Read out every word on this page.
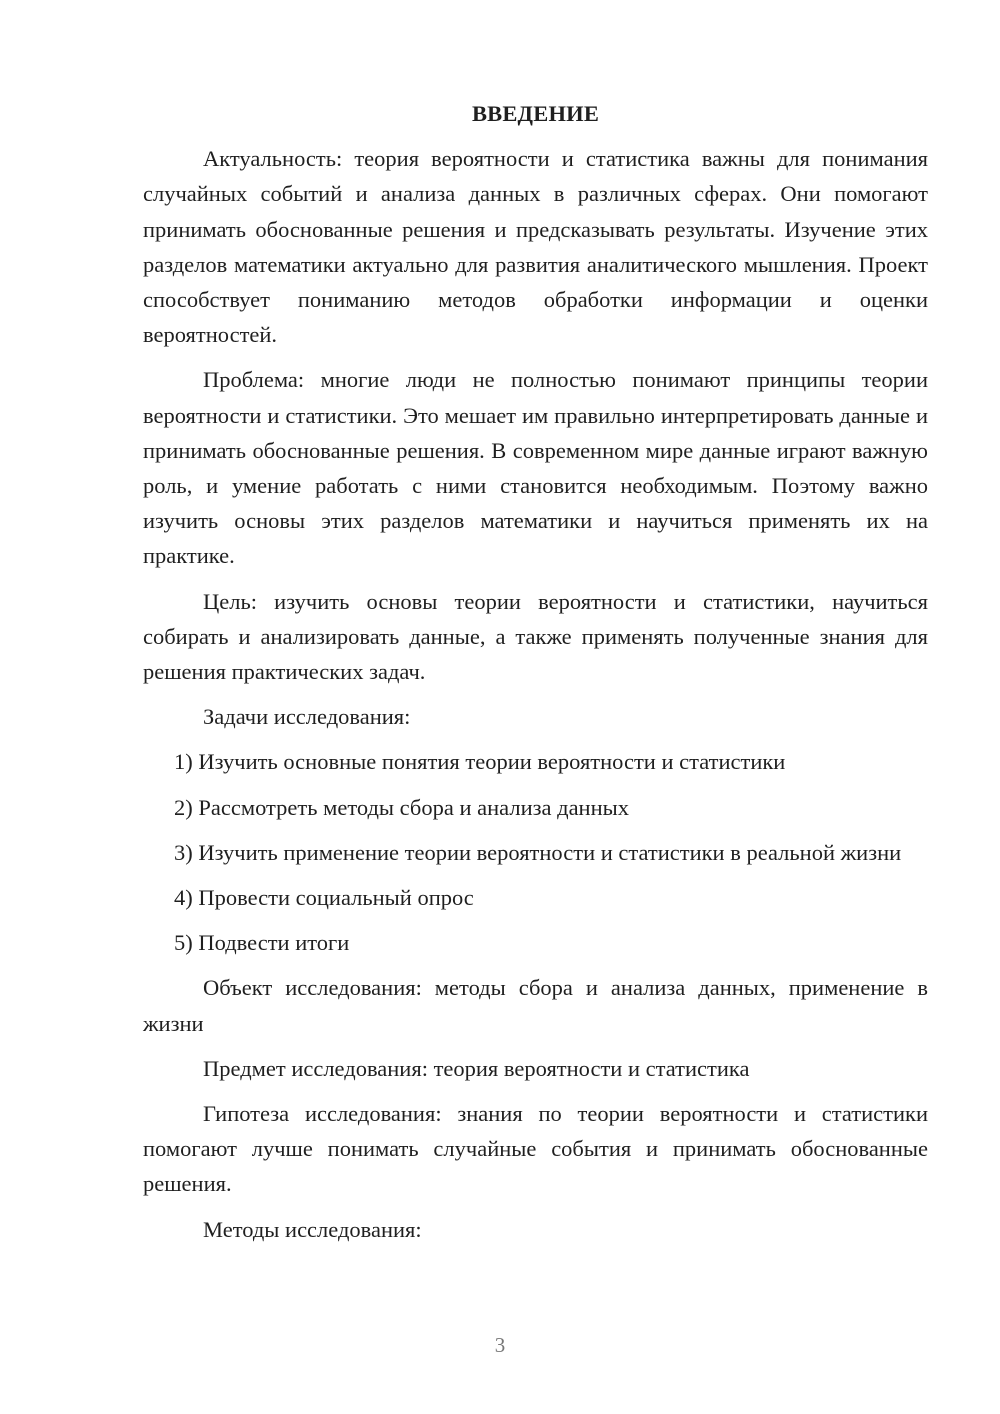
ВВЕДЕНИЕ

Актуальность: теория вероятности и статистика важны для понимания случайных событий и анализа данных в различных сферах. Они помогают принимать обоснованные решения и предсказывать результаты. Изучение этих разделов математики актуально для развития аналитического мышления. Проект способствует пониманию методов обработки информации и оценки вероятностей.

Проблема: многие люди не полностью понимают принципы теории вероятности и статистики. Это мешает им правильно интерпретировать данные и принимать обоснованные решения. В современном мире данные играют важную роль, и умение работать с ними становится необходимым. Поэтому важно изучить основы этих разделов математики и научиться применять их на практике.

Цель: изучить основы теории вероятности и статистики, научиться собирать и анализировать данные, а также применять полученные знания для решения практических задач.

Задачи исследования:

1) Изучить основные понятия теории вероятности и статистики

2) Рассмотреть методы сбора и анализа данных

3) Изучить применение теории вероятности и статистики в реальной жизни

4) Провести социальный опрос

5) Подвести итоги

Объект исследования: методы сбора и анализа данных, применение в жизни

Предмет исследования: теория вероятности и статистика

Гипотеза исследования: знания по теории вероятности и статистики помогают лучше понимать случайные события и принимать обоснованные решения.

Методы исследования:

3
